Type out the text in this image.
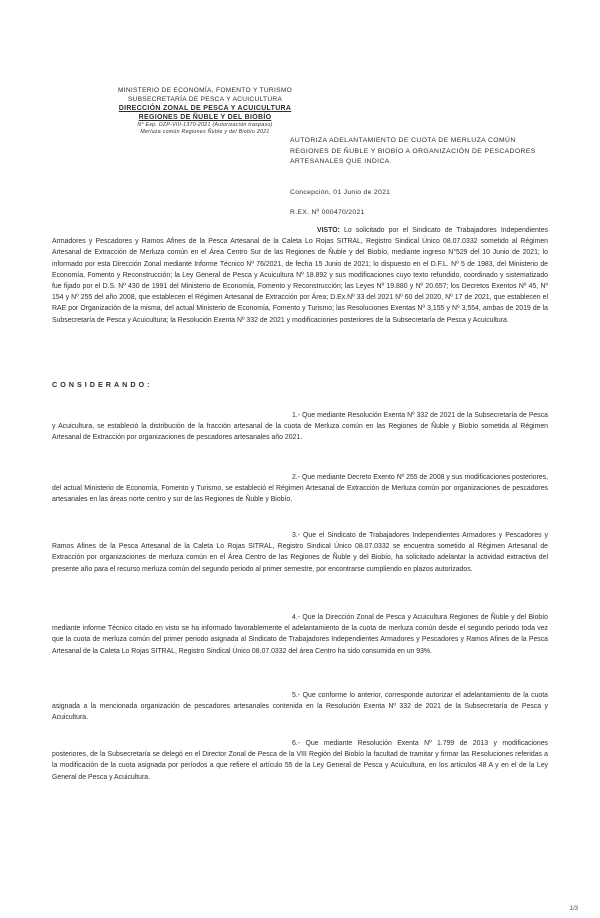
MINISTERIO DE ECONOMÍA, FOMENTO Y TURISMO
SUBSECRETARÍA DE PESCA Y ACUICULTURA
DIRECCIÓN ZONAL DE PESCA Y ACUICULTURA
REGIONES DE ÑUBLE Y DEL BIOBÍO
N° Exp. DZP-VIII-1370-2021 (Autorización traspaso)
Merluza común Regiones Ñuble y del Biobío 2021
AUTORIZA ADELANTAMIENTO DE CUOTA DE MERLUZA COMÚN REGIONES DE ÑUBLE Y BIOBÍO A ORGANIZACIÓN DE PESCADORES ARTESANALES QUE INDICA.
Concepción, 01 Junio de 2021
R.EX. Nº 000470/2021
VISTO: Lo solicitado por el Sindicato de Trabajadores Independientes Armadores y Pescadores y Ramos Afines de la Pesca Artesanal de la Caleta Lo Rojas SITRAL, Registro Sindical Único 08.07.0332 sometido al Régimen Artesanal de Extracción de Merluza común en el Área Centro Sur de las Regiones de Ñuble y del Biobío, mediante ingreso N°529 del 10 Junio de 2021; lo informado por esta Dirección Zonal mediante Informe Técnico Nº 76/2021, de fecha 15 Junio de 2021; lo dispuesto en el D.F.L. Nº 5 de 1983, del Ministerio de Economía, Fomento y Reconstrucción; la Ley General de Pesca y Acuicultura Nº 18.892 y sus modificaciones cuyo texto refundido, coordinado y sistematizado fue fijado por el D.S. Nº 430 de 1991 del Ministerio de Economía, Fomento y Reconstrucción; las Leyes Nº 19.880 y Nº 20.657; los Decretos Exentos Nº 45, Nº 154 y Nº 255 del año 2008, que establecen el Régimen Artesanal de Extracción por Área; D.Ex.Nº 33 del 2021 Nº 60 del 2020, Nº 17 de 2021, que establecen el RAE por Organización de la misma, del actual Ministerio de Economía, Fomento y Turismo; las Resoluciones Exentas Nº 3,155 y Nº 3,554, ambas de 2019 de la Subsecretaría de Pesca y Acuicultura; la Resolución Exenta Nº 332 de 2021 y modificaciones posteriores de la Subsecretaría de Pesca y Acuicultura.
CONSIDERANDO:
1.- Que mediante Resolución Exenta Nº 332 de 2021 de la Subsecretaría de Pesca y Acuicultura, se estableció la distribución de la fracción artesanal de la cuota de Merluza común en las Regiones de Ñuble y Biobío sometida al Régimen Artesanal de Extracción por organizaciones de pescadores artesanales año 2021.
2.- Que mediante Decreto Exento Nº 255 de 2008 y sus modificaciones posteriores, del actual Ministerio de Economía, Fomento y Turismo, se estableció el Régimen Artesanal de Extracción de Merluza común por organizaciones de pescadores artesanales en las áreas norte centro y sur de las Regiones de Ñuble y Biobío.
3.- Que el Sindicato de Trabajadores Independientes Armadores y Pescadores y Ramos Afines de la Pesca Artesanal de la Caleta Lo Rojas SITRAL, Registro Sindical Único 08.07.0332 se encuentra sometido al Régimen Artesanal de Extracción por organizaciones de merluza común en el Área Centro de las Regiones de Ñuble y del Biobío, ha solicitado adelantar la actividad extractiva del presente año para el recurso merluza común del segundo periodo al primer semestre, por encontrarse cumpliendo en plazos autorizados.
4.- Que la Dirección Zonal de Pesca y Acuicultura Regiones de Ñuble y del Biobío mediante informe Técnico citado en visto se ha informado favorablemente el adelantamiento de la cuota de merluza común desde el segundo periodo toda vez que la cuota de merluza común del primer periodo asignada al Sindicato de Trabajadores Independientes Armadores y Pescadores y Ramos Afines de la Pesca Artesanal de la Caleta Lo Rojas SITRAL, Registro Sindical Único 08.07.0332 del área Centro ha sido consumida en un 93%.
5.- Que conforme lo anterior, corresponde autorizar el adelantamiento de la cuota asignada a la mencionada organización de pescadores artesanales contenida en la Resolución Exenta Nº 332 de 2021 de la Subsecretaría de Pesca y Acuicultura.
6.- Que mediante Resolución Exenta Nº 1.799 de 2013 y modificaciones posteriores, de la Subsecretaría se delegó en el Director Zonal de Pesca de la VIII Región del Biobío la facultad de tramitar y firmar las Resoluciones referidas a la modificación de la cuota asignada por períodos a que refiere el artículo 55 de la Ley General de Pesca y Acuicultura, en los artículos 48 A y en el de la Ley General de Pesca y Acuicultura.
1/3
